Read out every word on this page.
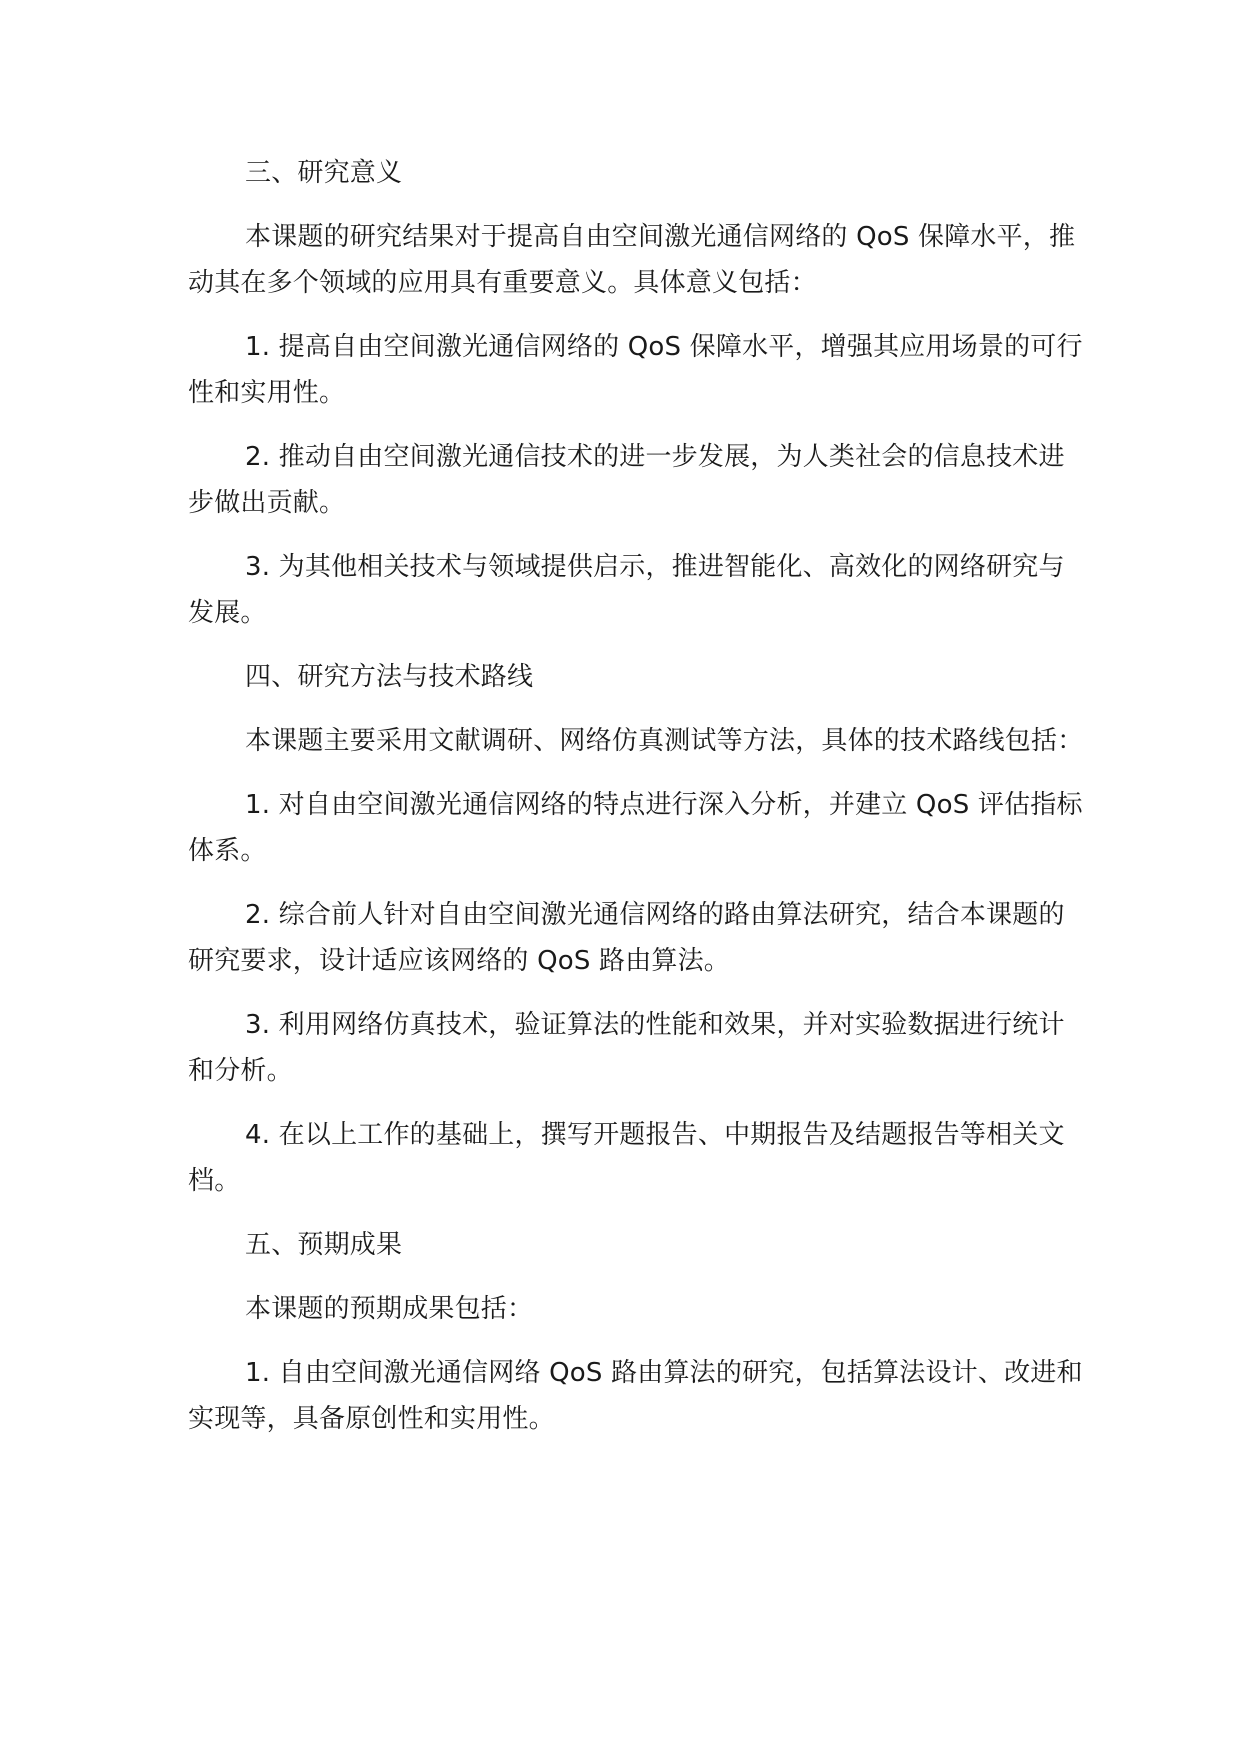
三、研究意义

本课题的研究结果对于提高自由空间激光通信网络的 QoS 保障水平，推动其在多个领域的应用具有重要意义。具体意义包括：

1. 提高自由空间激光通信网络的 QoS 保障水平，增强其应用场景的可行性和实用性。

2. 推动自由空间激光通信技术的进一步发展，为人类社会的信息技术进步做出贡献。

3. 为其他相关技术与领域提供启示，推进智能化、高效化的网络研究与发展。

四、研究方法与技术路线

本课题主要采用文献调研、网络仿真测试等方法，具体的技术路线包括：

1. 对自由空间激光通信网络的特点进行深入分析，并建立 QoS 评估指标体系。

2. 综合前人针对自由空间激光通信网络的路由算法研究，结合本课题的研究要求，设计适应该网络的 QoS 路由算法。

3. 利用网络仿真技术，验证算法的性能和效果，并对实验数据进行统计和分析。

4. 在以上工作的基础上，撰写开题报告、中期报告及结题报告等相关文档。

五、预期成果

本课题的预期成果包括：

1. 自由空间激光通信网络 QoS 路由算法的研究，包括算法设计、改进和实现等，具备原创性和实用性。
